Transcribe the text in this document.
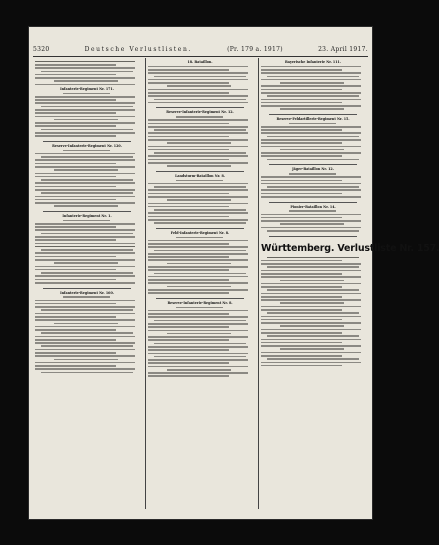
5320	Deutsche Verlustlisten.	(Pr. 179 a. 1917)	23. April 1917.
Infanterie-Regiment Nr. 171.
Reserve-Infanterie-Regiment Nr. 120.
Infanterie-Regiment Nr. 1.
Infanterie-Regiment Nr. 160.
18. Bataillon.
Reserve-Infanterie-Regiment Nr. 12.
Landsturm-Bataillon Nr. 8.
Feld-Infanterie-Regiment Nr. 8.
Reserve-Infanterie-Regiment Nr. 8.
Bayerische Infanterie Nr. 111.
Reserve-Feldartillerie-Regiment Nr. 15.
Jäger-Bataillon Nr. 12.
Pionier-Bataillon Nr. 14.
Württemberg. Verlustliste Nr. 157.
